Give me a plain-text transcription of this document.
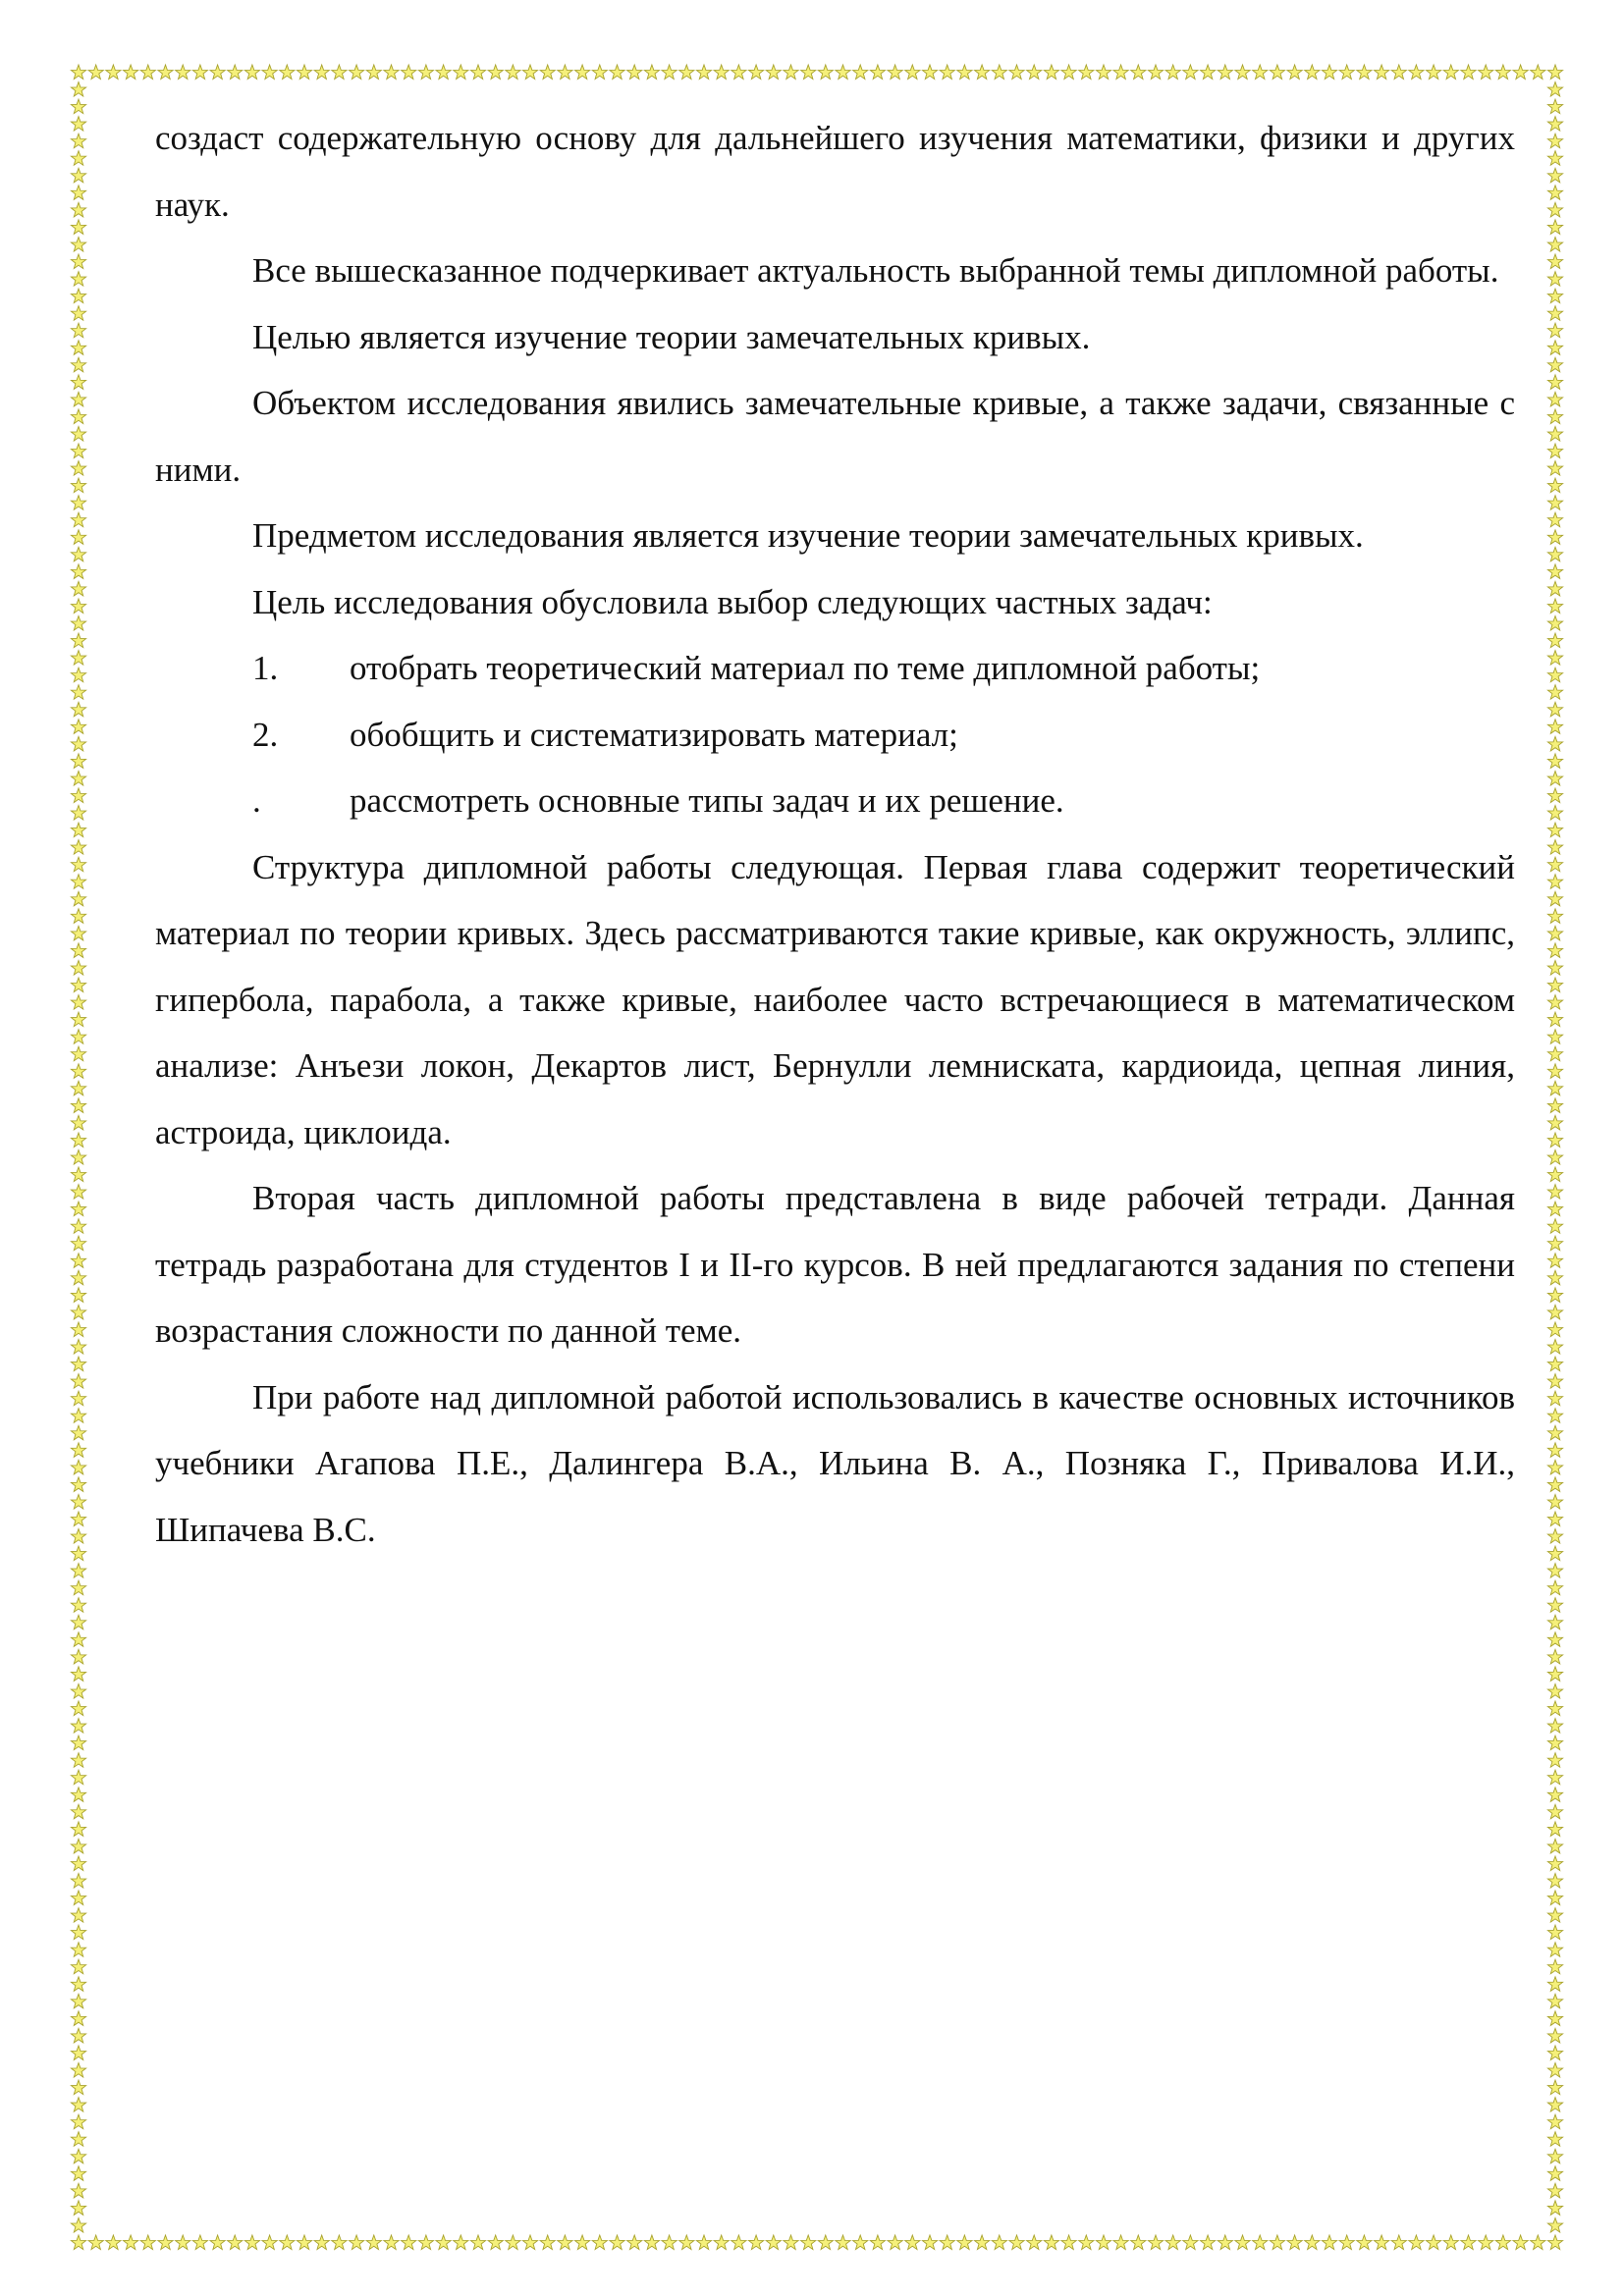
создаст содержательную основу для дальнейшего изучения математики, физики и других наук.

Все вышесказанное подчеркивает актуальность выбранной темы дипломной работы.

Целью является изучение теории замечательных кривых.

Объектом исследования явились замечательные кривые, а также задачи, связанные с ними.

Предметом исследования является изучение теории замечательных кривых.

Цель исследования обусловила выбор следующих частных задач:

1.	отобрать теоретический материал по теме дипломной работы;
2.	обобщить и систематизировать материал;
.	рассмотреть основные типы задач и их решение.

Структура дипломной работы следующая. Первая глава содержит теоретический материал по теории кривых. Здесь рассматриваются такие кривые, как окружность, эллипс, гипербола, парабола, а также кривые, наиболее часто встречающиеся в математическом анализе: Анъези локон, Декартов лист, Бернулли лемниската, кардиоида, цепная линия, астроида, циклоида.

Вторая часть дипломной работы представлена в виде рабочей тетради. Данная тетрадь разработана для студентов I и II-го курсов. В ней предлагаются задания по степени возрастания сложности по данной теме.

При работе над дипломной работой использовались в качестве основных источников учебники Агапова П.Е., Далингера В.А., Ильина В. А., Позняка Г., Привалова И.И., Шипачева В.С.
